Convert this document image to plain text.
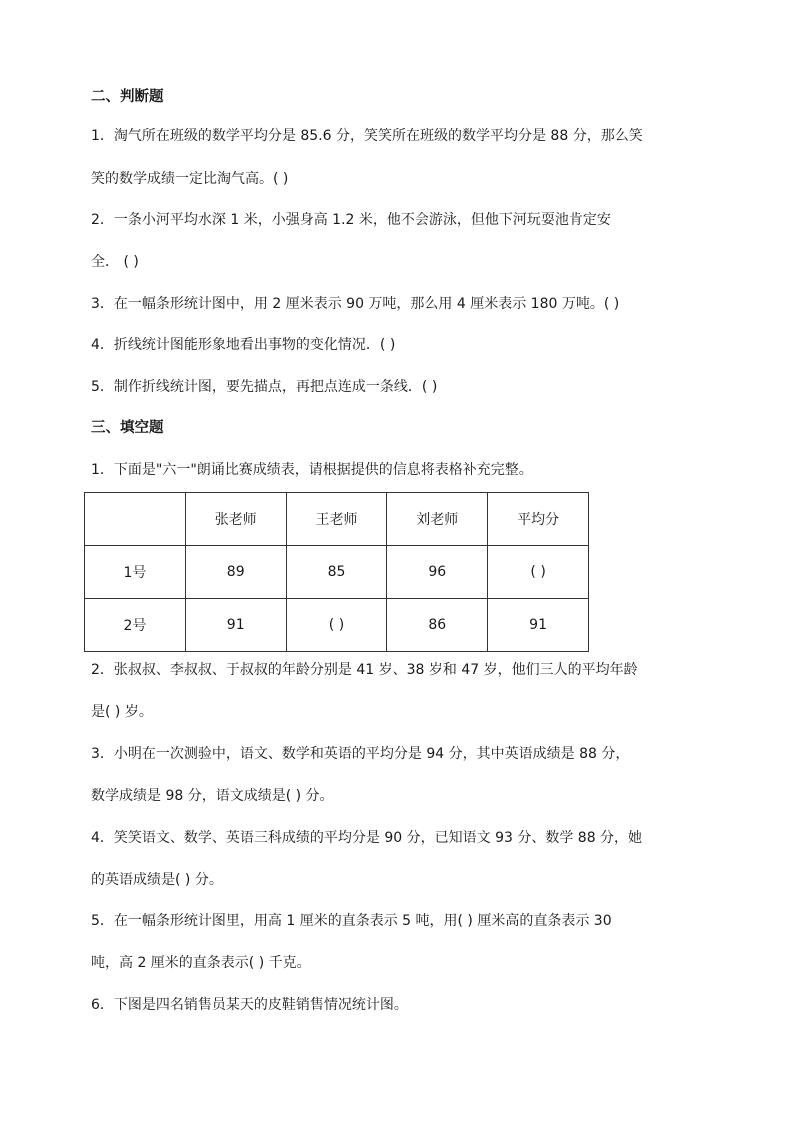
二、判断题
1．淘气所在班级的数学平均分是 85.6 分，笑笑所在班级的数学平均分是 88 分，那么笑
笑的数学成绩一定比淘气高。( )
2．一条小河平均水深 1 米，小强身高 1.2 米，他不会游泳，但他下河玩耍池肯定安
全． ( )
3．在一幅条形统计图中，用 2 厘米表示 90 万吨，那么用 4 厘米表示 180 万吨。( )
4．折线统计图能形象地看出事物的变化情况．( )
5．制作折线统计图，要先描点，再把点连成一条线．( )
三、填空题
1．下面是"六一"朗诵比赛成绩表，请根据提供的信息将表格补充完整。
	张老师	王老师	刘老师	平均分
1号	89	85	96	( )
2号	91	( )	86	91
2．张叔叔、李叔叔、于叔叔的年龄分别是 41 岁、38 岁和 47 岁，他们三人的平均年龄
是( ) 岁。
3．小明在一次测验中，语文、数学和英语的平均分是 94 分，其中英语成绩是 88 分，
数学成绩是 98 分，语文成绩是( ) 分。
4．笑笑语文、数学、英语三科成绩的平均分是 90 分，已知语文 93 分、数学 88 分，她
的英语成绩是( ) 分。
5．在一幅条形统计图里，用高 1 厘米的直条表示 5 吨，用( ) 厘米高的直条表示 30
吨，高 2 厘米的直条表示( ) 千克。
6．下图是四名销售员某天的皮鞋销售情况统计图。
